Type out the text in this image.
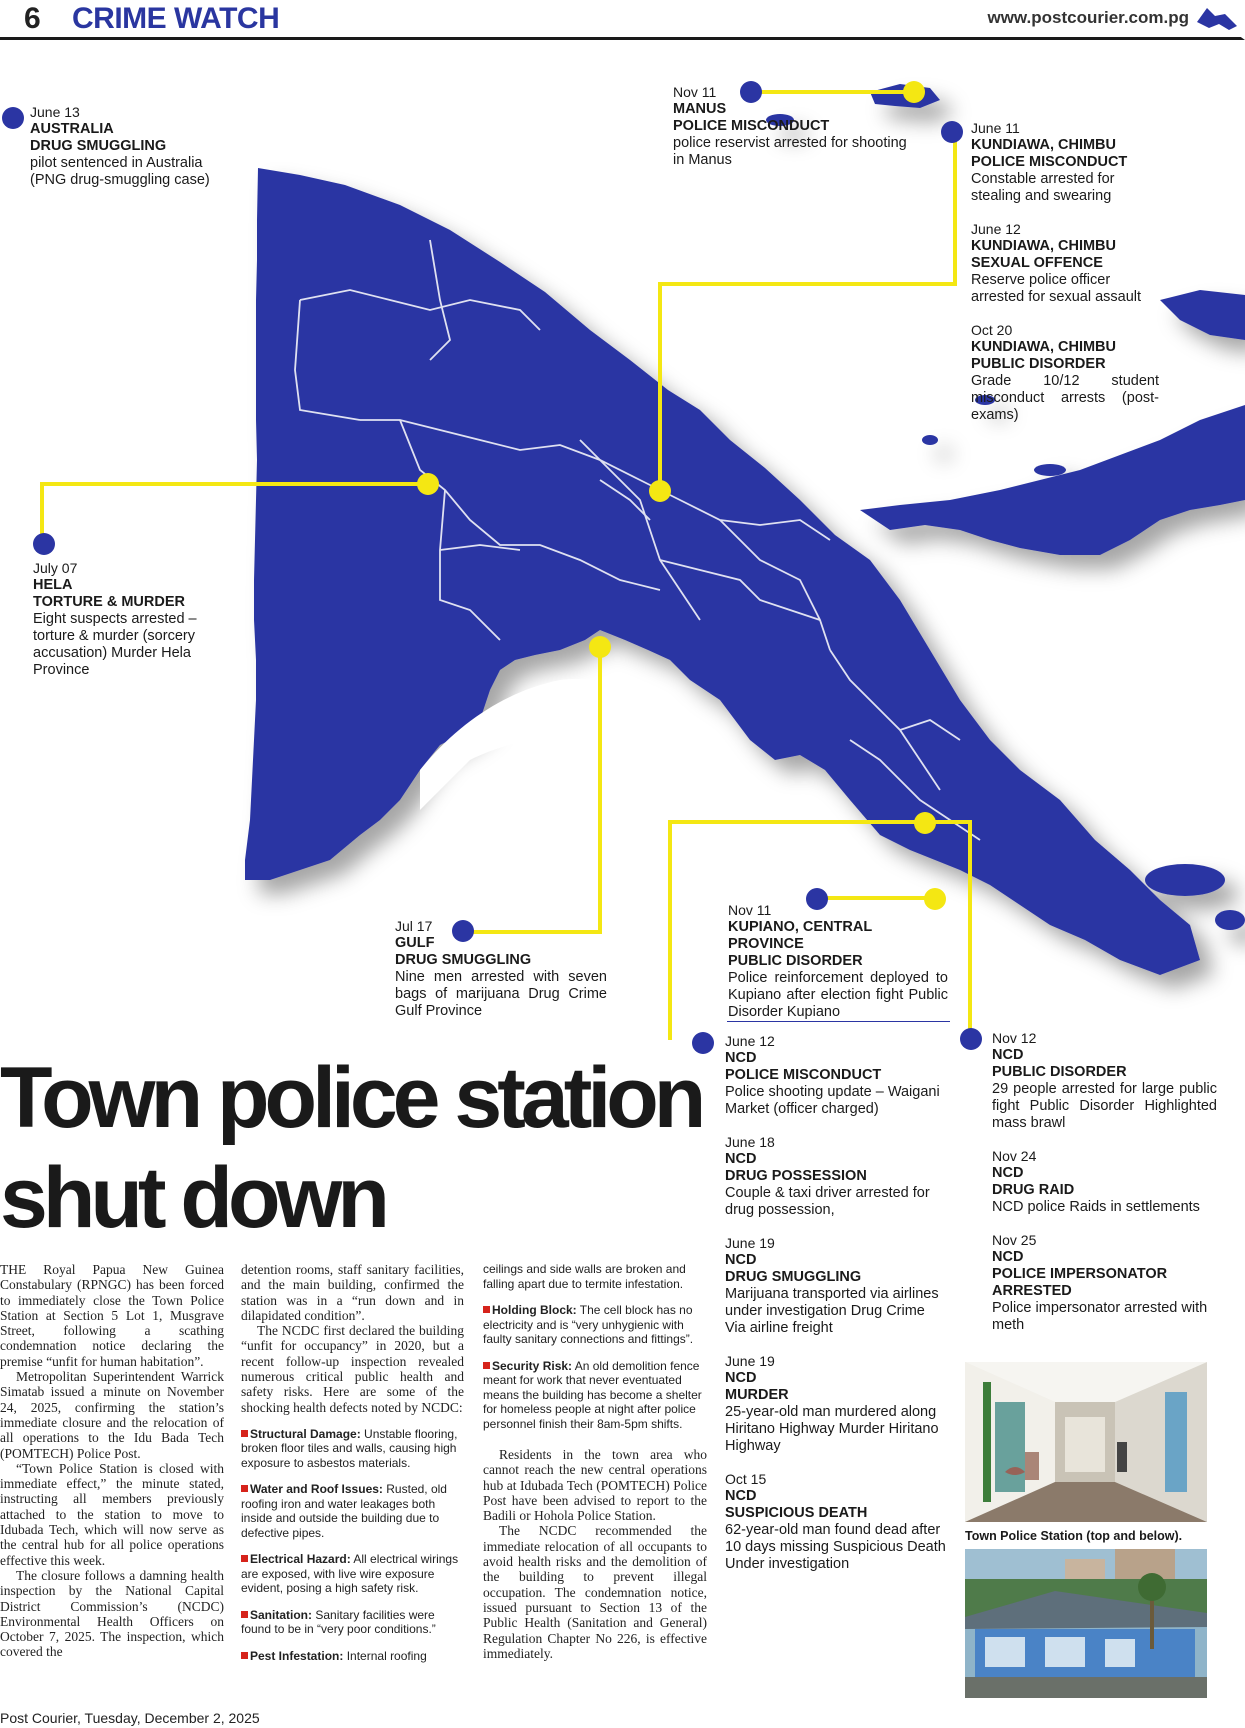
6 CRIME WATCH	www.postcourier.com.pg
June 13
AUSTRALIA
DRUG SMUGGLING
pilot sentenced in Australia (PNG drug-smuggling case)
Nov 11
MANUS
POLICE MISCONDUCT
police reservist arrested for shooting in Manus
June 11
KUNDIAWA, CHIMBU
POLICE MISCONDUCT
Constable arrested for stealing and swearing
June 12
KUNDIAWA, CHIMBU
SEXUAL OFFENCE
Reserve police officer arrested for sexual assault
Oct 20
KUNDIAWA, CHIMBU
PUBLIC DISORDER
Grade 10/12 student misconduct arrests (post-exams)
July 07
HELA
TORTURE & MURDER
Eight suspects arrested – torture & murder (sorcery accusation) Murder Hela Province
Jul 17
GULF
DRUG SMUGGLING
Nine men arrested with seven bags of marijuana Drug Crime Gulf Province
Nov 11
KUPIANO, CENTRAL PROVINCE
PUBLIC DISORDER
Police reinforcement deployed to Kupiano after election fight Public Disorder Kupiano
June 12
NCD
POLICE MISCONDUCT
Police shooting update – Waigani Market (officer charged)
June 18
NCD
DRUG POSSESSION
Couple & taxi driver arrested for drug possession,
June 19
NCD
DRUG SMUGGLING
Marijuana transported via airlines under investigation Drug Crime Via airline freight
June 19
NCD
MURDER
25-year-old man murdered along Hiritano Highway Murder Hiritano Highway
Oct 15
NCD
SUSPICIOUS DEATH
62-year-old man found dead after 10 days missing Suspicious Death Under investigation
Nov 12
NCD
PUBLIC DISORDER
29 people arrested for large public fight Public Disorder Highlighted mass brawl
Nov 24
NCD
DRUG RAID
NCD police Raids in settlements
Nov 25
NCD
POLICE IMPERSONATOR ARRESTED
Police impersonator arrested with meth
Town police station
shut down

THE Royal Papua New Guinea Constabulary (RPNGC) has been forced to immediately close the Town Police Station at Section 5 Lot 1, Musgrave Street, following a scathing condemnation notice declaring the premise “unfit for human habitation”.

Metropolitan Superintendent Warrick Simatab issued a minute on November 24, 2025, confirming the station’s immediate closure and the relocation of all operations to the Idu Bada Tech (POMTECH) Police Post.

“Town Police Station is closed with immediate effect,” the minute stated, instructing all members previously attached to the station to move to Idubada Tech, which will now serve as the central hub for all police operations effective this week.

The closure follows a damning health inspection by the National Capital District Commission’s (NCDC) Environmental Health Officers on October 7, 2025. The inspection, which covered the

detention rooms, staff sanitary facilities, and the main building, confirmed the station was in a “run down and in dilapidated condition”.

The NCDC first declared the building “unfit for occupancy” in 2020, but a recent follow-up inspection revealed numerous critical public health and safety risks. Here are some of the shocking health defects noted by NCDC:

Structural Damage: Unstable flooring, broken floor tiles and walls, causing high exposure to asbestos materials.
Water and Roof Issues: Rusted, old roofing iron and water leakages both inside and outside the building due to defective pipes.
Electrical Hazard: All electrical wirings are exposed, with live wire exposure evident, posing a high safety risk.
Sanitation: Sanitary facilities were found to be in “very poor conditions.”
Pest Infestation: Internal roofing
ceilings and side walls are broken and falling apart due to termite infestation.
Holding Block: The cell block has no electricity and is “very unhygienic with faulty sanitary connections and fittings”.
Security Risk: An old demolition fence meant for work that never eventuated means the building has become a shelter for homeless people at night after police personnel finish their 8am-5pm shifts.

Residents in the town area who cannot reach the new central operations hub at Idubada Tech (POMTECH) Police Post have been advised to report to the Badili or Hohola Police Station.

The NCDC recommended the immediate relocation of all occupants to avoid health risks and the demolition of the building to prevent illegal occupation. The condemnation notice, issued pursuant to Section 13 of the Public Health (Sanitation and General) Regulation Chapter No 226, is effective immediately.

Town Police Station (top and below).
Post Courier, Tuesday, December 2, 2025
